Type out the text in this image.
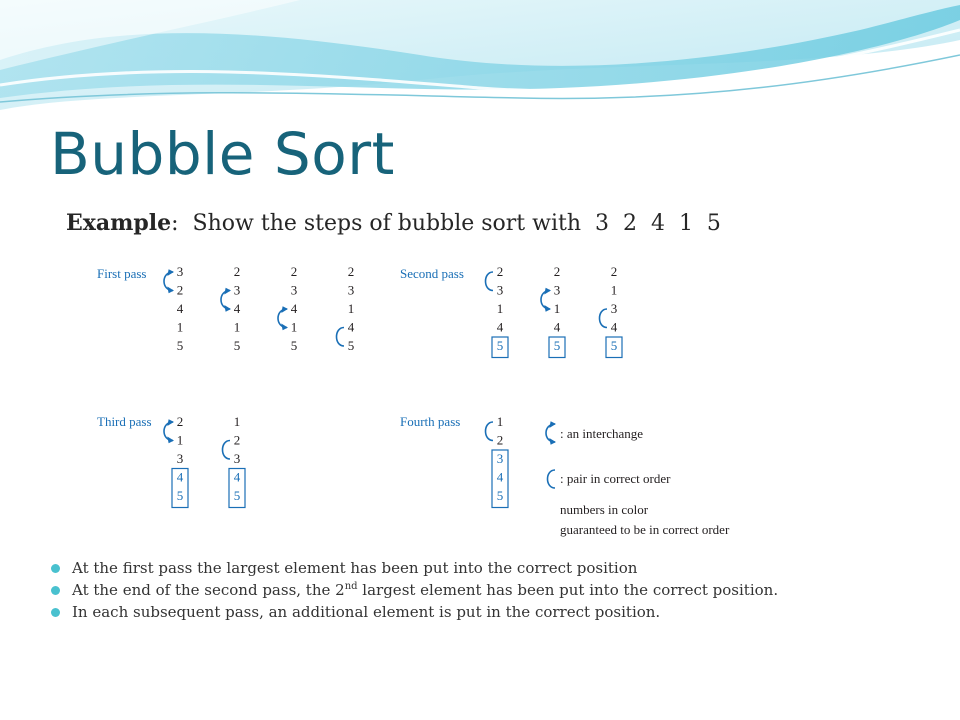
Bubble Sort
Example:  Show the steps of bubble sort with  3  2  4  1  5
First pass 3
2
4
1
5
2
3
4
1
5
2
3
4
1
5
2
3
1
4
5
Second pass	2
3
1
4
5
2
3
1
4
5
2
1
3
4
5
Third pass 2
1
3
4
5
1
2
3
4
5
Fourth pass	1
2
3
4
5
: an interchange
: pair in correct order
numbers in color
guaranteed to be in correct order
At the first pass the largest element has been put into the correct position
At the end of the second pass, the 2nd largest element has been put into the correct position.
In each subsequent pass, an additional element is put in the correct position.
